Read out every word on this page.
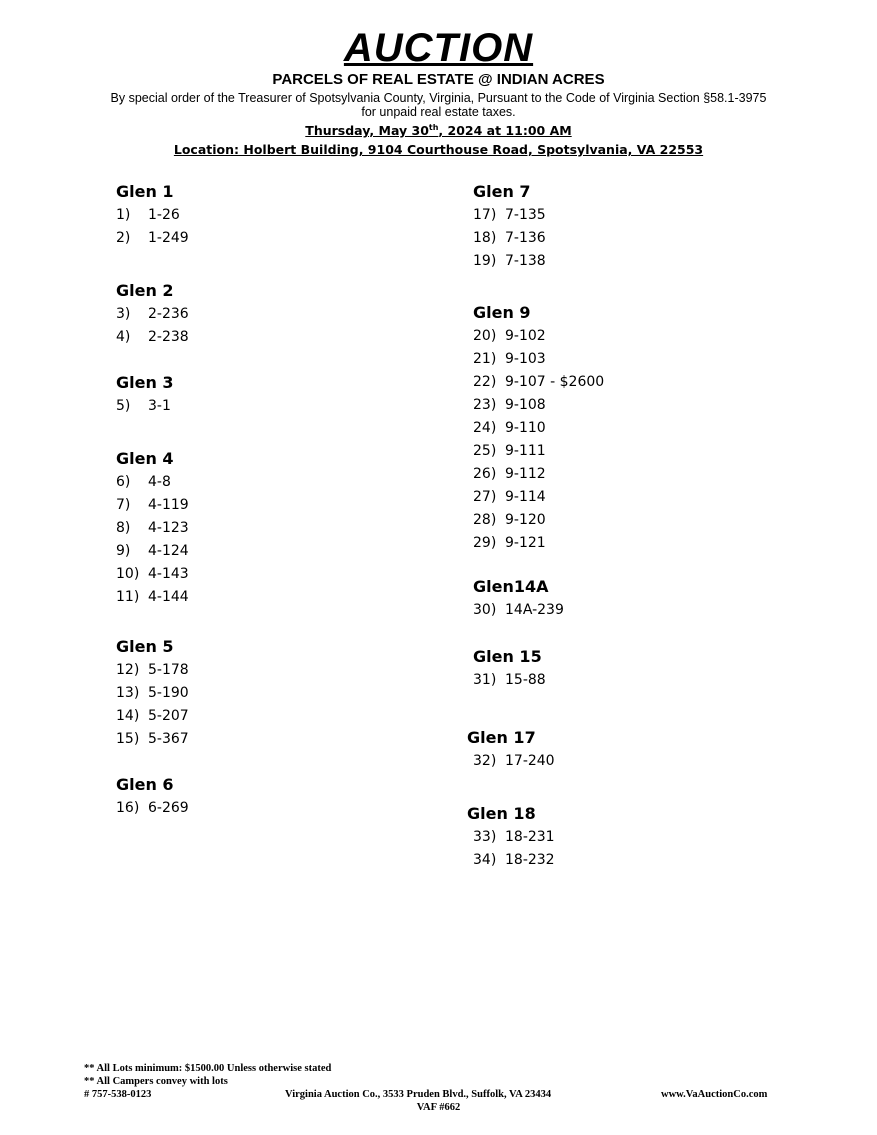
AUCTION
PARCELS OF REAL ESTATE @ INDIAN ACRES
By special order of the Treasurer of Spotsylvania County, Virginia, Pursuant to the Code of Virginia Section §58.1-3975
for unpaid real estate taxes.
Thursday, May 30th, 2024 at 11:00 AM
Location: Holbert Building, 9104 Courthouse Road, Spotsylvania, VA 22553
Glen 1
1) 1-26
2) 1-249
Glen 2
3) 2-236
4) 2-238
Glen 3
5) 3-1
Glen 4
6) 4-8
7) 4-119
8) 4-123
9) 4-124
10) 4-143
11) 4-144
Glen 5
12) 5-178
13) 5-190
14) 5-207
15) 5-367
Glen 6
16) 6-269
Glen 7
17) 7-135
18) 7-136
19) 7-138
Glen 9
20) 9-102
21) 9-103
22) 9-107 - $2600
23) 9-108
24) 9-110
25) 9-111
26) 9-112
27) 9-114
28) 9-120
29) 9-121
Glen14A
30) 14A-239
Glen 15
31) 15-88
Glen 17
32) 17-240
Glen 18
33) 18-231
34) 18-232
** All Lots minimum: $1500.00 Unless otherwise stated
** All Campers convey with lots
# 757-538-0123	Virginia Auction Co., 3533 Pruden Blvd., Suffolk, VA 23434	www.VaAuctionCo.com
VAF #662
